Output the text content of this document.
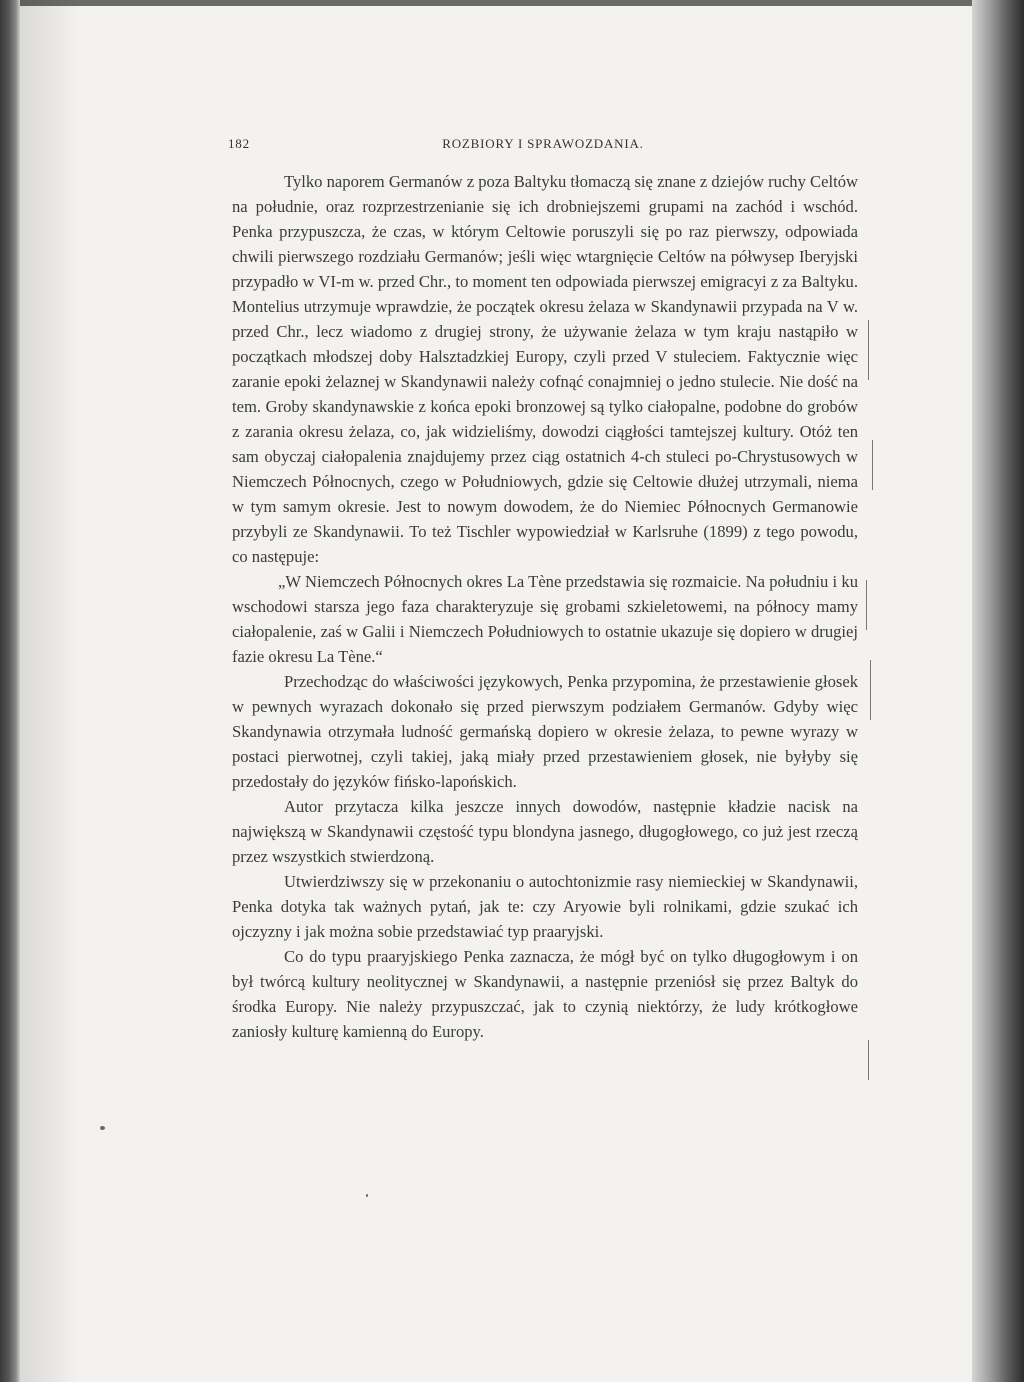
182	ROZBIORY I SPRAWOZDANIA.

Tylko naporem Germanów z poza Baltyku tłomaczą się znane z dziejów ruchy Celtów na południe, oraz rozprzestrzenianie się ich drobniejszemi grupami na zachód i wschód. Penka przypuszcza, że czas, w którym Celtowie poruszyli się po raz pierwszy, odpowiada chwili pierwszego rozdziału Germanów; jeśli więc wtargnięcie Celtów na półwysep Iberyjski przypadło w VI-m w. przed Chr., to moment ten odpowiada pierwszej emigracyi z za Baltyku. Montelius utrzymuje wprawdzie, że początek okresu żelaza w Skandynawii przypada na V w. przed Chr., lecz wiadomo z drugiej strony, że używanie żelaza w tym kraju nastąpiło w początkach młodszej doby Halsztadzkiej Europy, czyli przed V stuleciem. Faktycznie więc zaranie epoki żelaznej w Skandynawii należy cofnąć conajmniej o jedno stulecie. Nie dość na tem. Groby skandynawskie z końca epoki bronzowej są tylko ciałopalne, podobne do grobów z zarania okresu żelaza, co, jak widzieliśmy, dowodzi ciągłości tamtejszej kultury. Otóż ten sam obyczaj ciałopalenia znajdujemy przez ciąg ostatnich 4-ch stuleci po-Chrystusowych w Niemczech Północnych, czego w Południowych, gdzie się Celtowie dłużej utrzymali, niema w tym samym okresie. Jest to nowym dowodem, że do Niemiec Północnych Germanowie przybyli ze Skandynawii. To też Tischler wypowiedział w Karlsruhe (1899) z tego powodu, co następuje:

„W Niemczech Północnych okres La Tène przedstawia się rozmaicie. Na południu i ku wschodowi starsza jego faza charakteryzuje się grobami szkieletowemi, na północy mamy ciałopalenie, zaś w Galii i Niemczech Południowych to ostatnie ukazuje się dopiero w drugiej fazie okresu La Tène.“

Przechodząc do właściwości językowych, Penka przypomina, że przestawienie głosek w pewnych wyrazach dokonało się przed pierwszym podziałem Germanów. Gdyby więc Skandynawia otrzymała ludność germańską dopiero w okresie żelaza, to pewne wyrazy w postaci pierwotnej, czyli takiej, jaką miały przed przestawieniem głosek, nie byłyby się przedostały do języków fińsko-lapońskich.

Autor przytacza kilka jeszcze innych dowodów, następnie kładzie nacisk na największą w Skandynawii częstość typu blondyna jasnego, długogłowego, co już jest rzeczą przez wszystkich stwierdzoną.

Utwierdziwszy się w przekonaniu o autochtonizmie rasy niemieckiej w Skandynawii, Penka dotyka tak ważnych pytań, jak te: czy Aryowie byli rolnikami, gdzie szukać ich ojczyzny i jak można sobie przedstawiać typ praaryjski.

Co do typu praaryjskiego Penka zaznacza, że mógł być on tylko długogłowym i on był twórcą kultury neolitycznej w Skandynawii, a następnie przeniósł się przez Baltyk do środka Europy. Nie należy przypuszczać, jak to czynią niektórzy, że ludy krótkogłowe zaniosły kulturę kamienną do Europy.
